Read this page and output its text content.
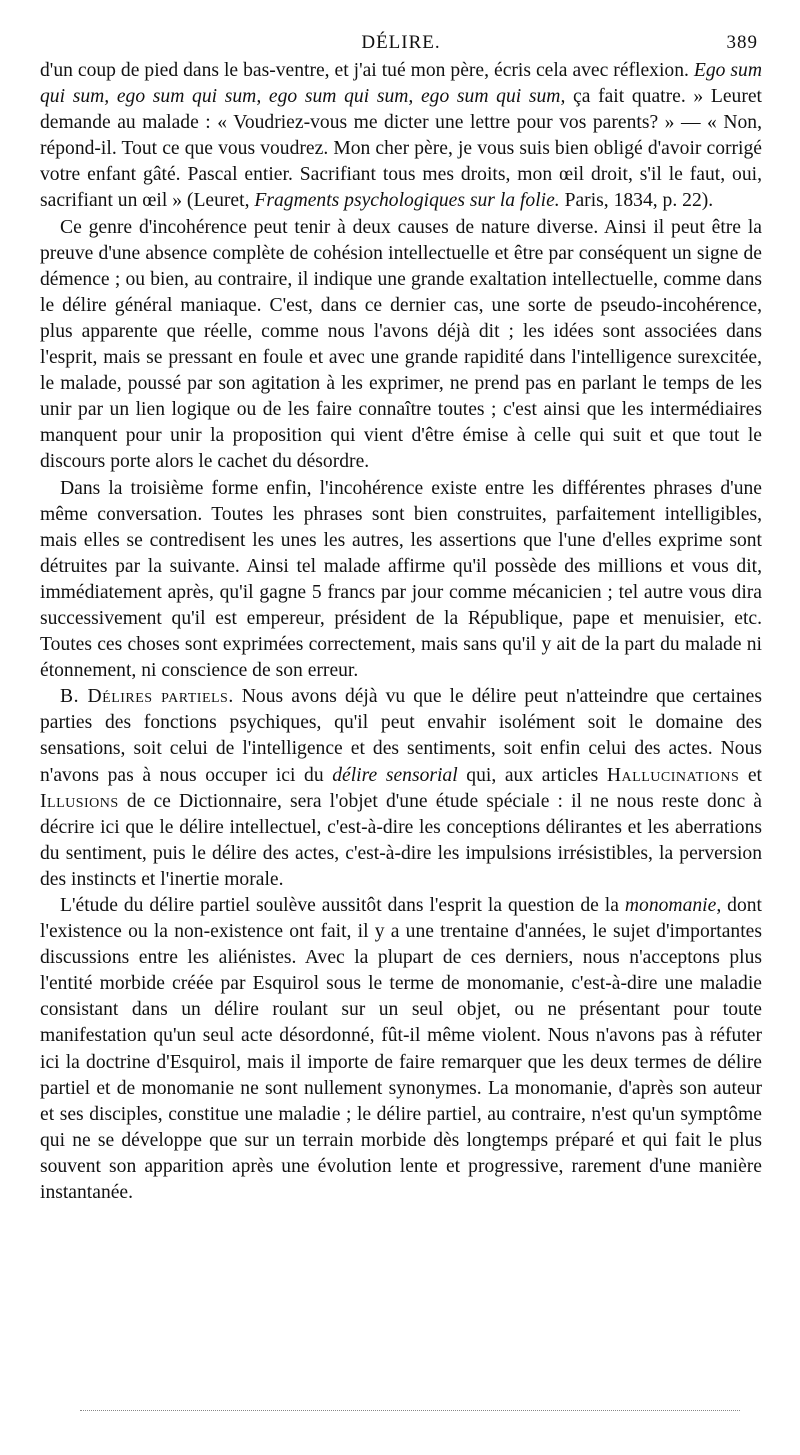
DÉLIRE.	389

d'un coup de pied dans le bas-ventre, et j'ai tué mon père, écris cela avec réflexion. Ego sum qui sum, ego sum qui sum, ego sum qui sum, ego sum qui sum, ça fait quatre. » Leuret demande au malade : « Voudriez-vous me dicter une lettre pour vos parents? » — « Non, répond-il. Tout ce que vous voudrez. Mon cher père, je vous suis bien obligé d'avoir corrigé votre enfant gâté. Pascal entier. Sacrifiant tous mes droits, mon œil droit, s'il le faut, oui, sacrifiant un œil » (Leuret, Fragments psychologiques sur la folie. Paris, 1834, p. 22).

Ce genre d'incohérence peut tenir à deux causes de nature diverse. Ainsi il peut être la preuve d'une absence complète de cohésion intellectuelle et être par conséquent un signe de démence ; ou bien, au contraire, il indique une grande exaltation intellectuelle, comme dans le délire général maniaque. C'est, dans ce dernier cas, une sorte de pseudo-incohérence, plus apparente que réelle, comme nous l'avons déjà dit ; les idées sont associées dans l'esprit, mais se pressant en foule et avec une grande rapidité dans l'intelligence surexcitée, le malade, poussé par son agitation à les exprimer, ne prend pas en parlant le temps de les unir par un lien logique ou de les faire connaître toutes ; c'est ainsi que les intermédiaires manquent pour unir la proposition qui vient d'être émise à celle qui suit et que tout le discours porte alors le cachet du désordre.

Dans la troisième forme enfin, l'incohérence existe entre les différentes phrases d'une même conversation. Toutes les phrases sont bien construites, parfaitement intelligibles, mais elles se contredisent les unes les autres, les assertions que l'une d'elles exprime sont détruites par la suivante. Ainsi tel malade affirme qu'il possède des millions et vous dit, immédiatement après, qu'il gagne 5 francs par jour comme mécanicien ; tel autre vous dira successivement qu'il est empereur, président de la République, pape et menuisier, etc. Toutes ces choses sont exprimées correctement, mais sans qu'il y ait de la part du malade ni étonnement, ni conscience de son erreur.

B. Délires partiels. Nous avons déjà vu que le délire peut n'atteindre que certaines parties des fonctions psychiques, qu'il peut envahir isolément soit le domaine des sensations, soit celui de l'intelligence et des sentiments, soit enfin celui des actes. Nous n'avons pas à nous occuper ici du délire sensorial qui, aux articles Hallucinations et Illusions de ce Dictionnaire, sera l'objet d'une étude spéciale : il ne nous reste donc à décrire ici que le délire intellectuel, c'est-à-dire les conceptions délirantes et les aberrations du sentiment, puis le délire des actes, c'est-à-dire les impulsions irrésistibles, la perversion des instincts et l'inertie morale.

L'étude du délire partiel soulève aussitôt dans l'esprit la question de la monomanie, dont l'existence ou la non-existence ont fait, il y a une trentaine d'années, le sujet d'importantes discussions entre les aliénistes. Avec la plupart de ces derniers, nous n'acceptons plus l'entité morbide créée par Esquirol sous le terme de monomanie, c'est-à-dire une maladie consistant dans un délire roulant sur un seul objet, ou ne présentant pour toute manifestation qu'un seul acte désordonné, fût-il même violent. Nous n'avons pas à réfuter ici la doctrine d'Esquirol, mais il importe de faire remarquer que les deux termes de délire partiel et de monomanie ne sont nullement synonymes. La monomanie, d'après son auteur et ses disciples, constitue une maladie ; le délire partiel, au contraire, n'est qu'un symptôme qui ne se développe que sur un terrain morbide dès longtemps préparé et qui fait le plus souvent son apparition après une évolution lente et progressive, rarement d'une manière instantanée.
